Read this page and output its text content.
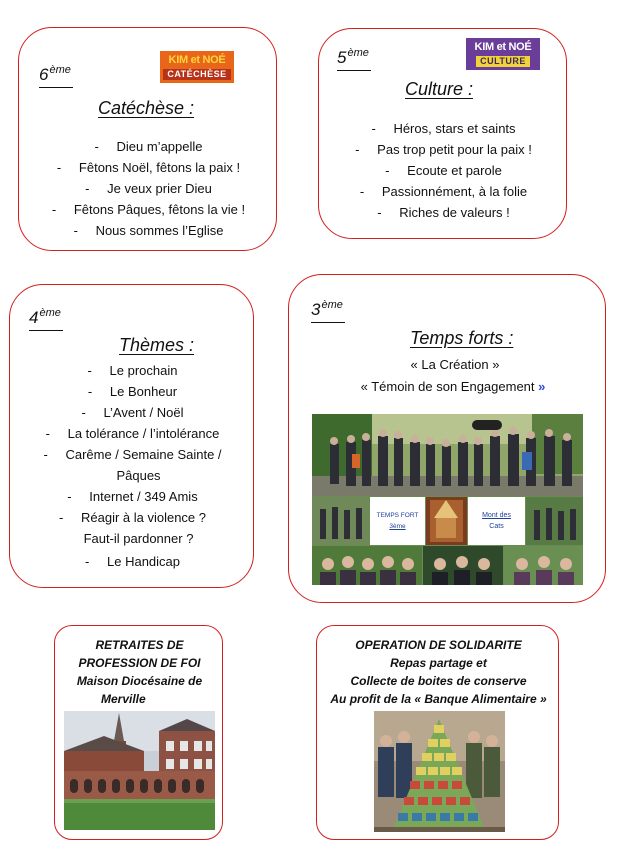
6ème
KIM et NOÉ
CATÉCHÈSE
Catéchèse :
- Dieu m’appelle
- Fêtons Noël, fêtons la paix !
- Je veux prier Dieu
- Fêtons Pâques, fêtons la vie !
- Nous sommes l’Eglise
5ème
KIM et NOÉ
CULTURE
Culture :
- Héros, stars et saints
- Pas trop petit pour la paix !
- Ecoute et parole
- Passionnément, à la folie
- Riches de valeurs !
4ème
Thèmes :
- Le prochain
- Le Bonheur
- L’Avent / Noël
- La tolérance / l’intolérance
- Carême / Semaine Sainte /
Pâques
- Internet / 349 Amis
- Réagir à la violence ?
Faut-il pardonner ?
- Le Handicap
3ème
Temps forts :
« La Création »
« Témoin de son Engagement »
TEMPS FORT
3ème
Mont des
Cats
RETRAITES DE
PROFESSION DE FOI
Maison Diocésaine de
Merville
OPERATION DE SOLIDARITE
Repas partage et
Collecte de boites de conserve
Au profit de la « Banque Alimentaire »
